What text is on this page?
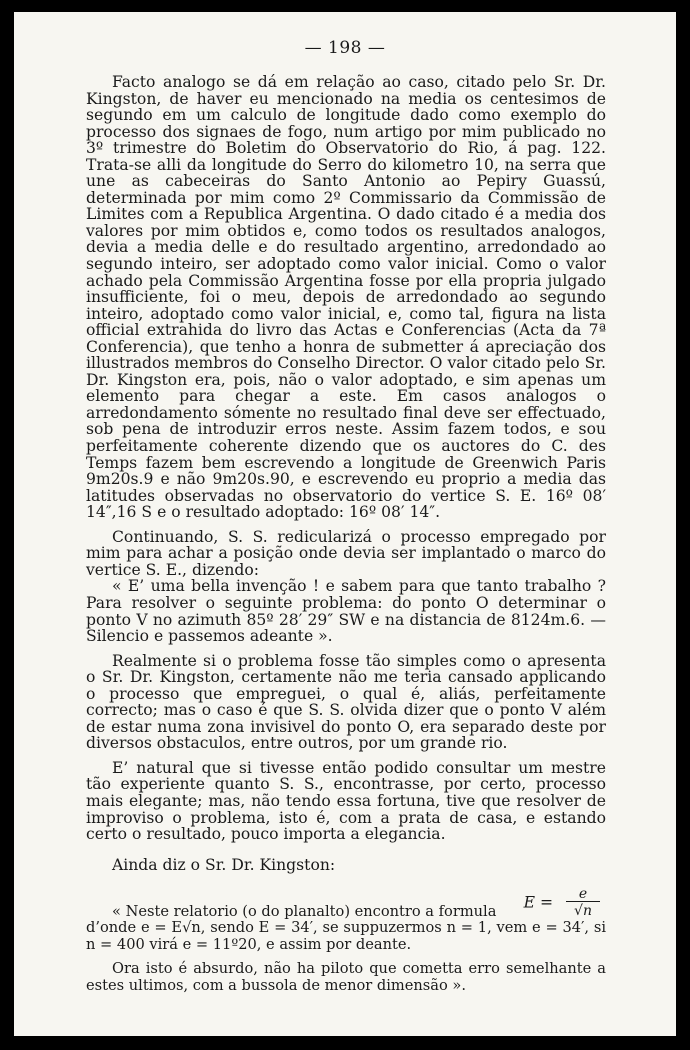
— 198 —

Facto analogo se dá em relação ao caso, citado pelo Sr. Dr. Kingston, de haver eu mencionado na media os centesimos de segundo em um calculo de longitude dado como exemplo do processo dos signaes de fogo, num artigo por mim publicado no 3º trimestre do Boletim do Observatorio do Rio, á pag. 122. Trata-se alli da longitude do Serro do kilometro 10, na serra que une as cabeceiras do Santo Antonio ao Pepiry Guassú, determinada por mim como 2º Commissario da Commissão de Limites com a Republica Argentina. O dado citado é a media dos valores por mim obtidos e, como todos os resultados analogos, devia a media delle e do resultado argentino, arredondado ao segundo inteiro, ser adoptado como valor inicial. Como o valor achado pela Commissão Argentina fosse por ella propria julgado insufficiente, foi o meu, depois de arredondado ao segundo inteiro, adoptado como valor inicial, e, como tal, figura na lista official extrahida do livro das Actas e Conferencias (Acta da 7ª Conferencia), que tenho a honra de submetter á apreciação dos illustrados membros do Conselho Director. O valor citado pelo Sr. Dr. Kingston era, pois, não o valor adoptado, e sim apenas um elemento para chegar a este. Em casos analogos o arredondamento sómente no resultado final deve ser effectuado, sob pena de introduzir erros neste. Assim fazem todos, e sou perfeitamente coherente dizendo que os auctores do C. des Temps fazem bem escrevendo a longitude de Greenwich Paris 9m20s.9 e não 9m20s.90, e escrevendo eu proprio a media das latitudes observadas no observatorio do vertice S. E. 16º 08′ 14″,16 S e o resultado adoptado: 16º 08′ 14″.

Continuando, S. S. redicularizá o processo empregado por mim para achar a posição onde devia ser implantado o marco do vertice S. E., dizendo:

« E’ uma bella invenção ! e sabem para que tanto trabalho ? Para resolver o seguinte problema: do ponto O determinar o ponto V no azimuth 85º 28′ 29″ SW e na distancia de 8124m.6. — Silencio e passemos adeante ».

Realmente si o problema fosse tão simples como o apresenta o Sr. Dr. Kingston, certamente não me teria cansado applicando o processo que empreguei, o qual é, aliás, perfeitamente correcto; mas o caso é que S. S. olvida dizer que o ponto V além de estar numa zona invisivel do ponto O, era separado deste por diversos obstaculos, entre outros, por um grande rio.

E’ natural que si tivesse então podido consultar um mestre tão experiente quanto S. S., encontrasse, por certo, processo mais elegante; mas, não tendo essa fortuna, tive que resolver de improviso o problema, isto é, com a prata de casa, e estando certo o resultado, pouco importa a elegancia.

Ainda diz o Sr. Dr. Kingston:

« Neste relatorio (o do planalto) encontro a formula $E = \frac{e}{√n}$

d’onde e = E√n, sendo E = 34′, se suppuzermos n = 1, vem e = 34′, si n = 400 virá e = 11º20, e assim por deante.

Ora isto é absurdo, não ha piloto que cometta erro semelhante a estes ultimos, com a bussola de menor dimensão ».
